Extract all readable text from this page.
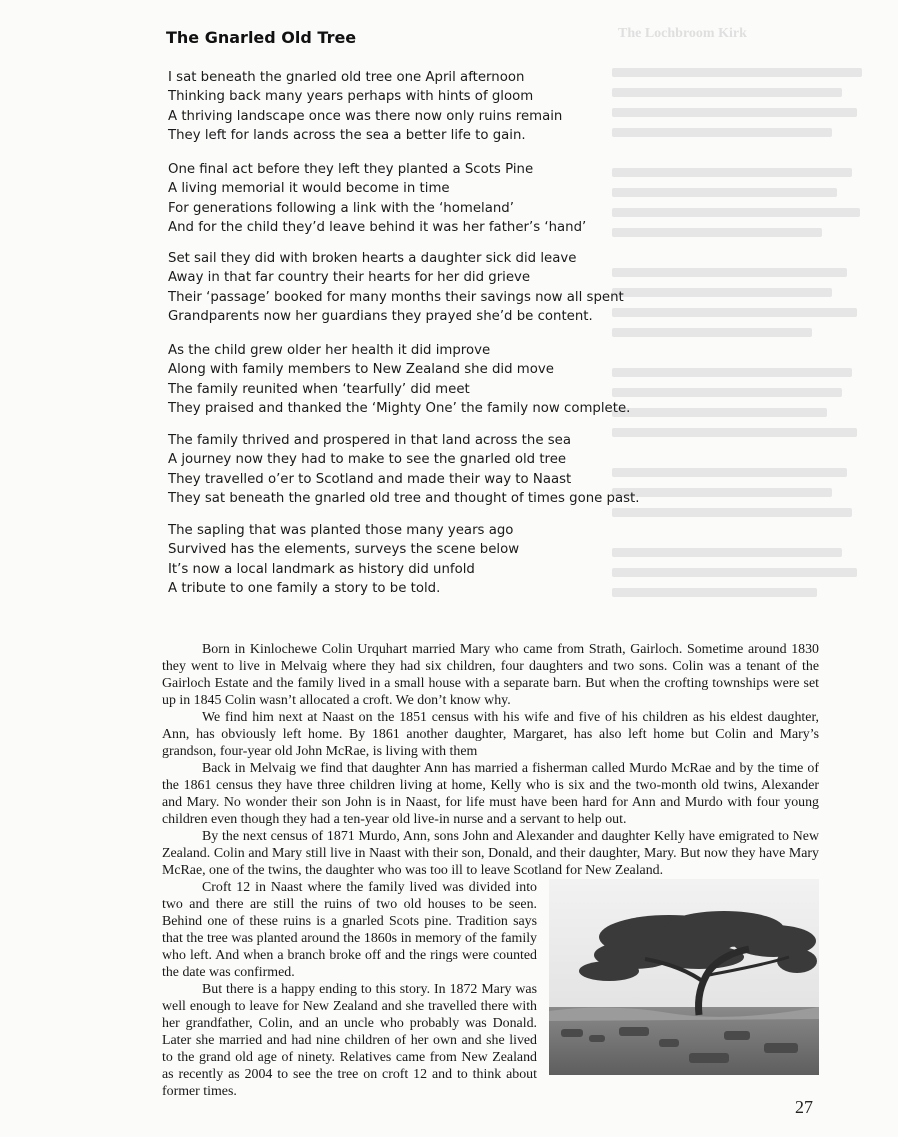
The Lochbroom Kirk
The Gnarled Old Tree
I sat beneath the gnarled old tree one April afternoon
Thinking back many years perhaps with hints of gloom
A thriving landscape once was there now only ruins remain
They left for lands across the sea a better life to gain.
One final act before they left they planted a Scots Pine
A living memorial it would become in time
For generations following a link with the ‘homeland’
And for the child they’d leave behind it was her father’s ‘hand’
Set sail they did with broken hearts a daughter sick did leave
Away in that far country their hearts for her did grieve
Their ‘passage’ booked for many months their savings now all spent
Grandparents now her guardians they prayed she’d be content.
As the child grew older her health it did improve
Along with family members to New Zealand she did move
The family reunited when ‘tearfully’ did meet
They praised and thanked the ‘Mighty One’ the family now complete.
The family thrived and prospered in that land across the sea
A journey now they had to make to see the gnarled old tree
They travelled o’er to Scotland and made their way to Naast
They sat beneath the gnarled old tree and thought of times gone past.
The sapling that was planted those many years ago
Survived has the elements, surveys the scene below
It’s now a local landmark as history did unfold
A tribute to one family a story to be told.

Born in Kinlochewe Colin Urquhart married Mary who came from Strath, Gairloch. Sometime around 1830 they went to live in Melvaig where they had six children, four daughters and two sons. Colin was a tenant of the Gairloch Estate and the family lived in a small house with a separate barn. But when the crofting townships were set up in 1845 Colin wasn’t allocated a croft. We don’t know why.

We find him next at Naast on the 1851 census with his wife and five of his children as his eldest daughter, Ann, has obviously left home. By 1861 another daughter, Margaret, has also left home but Colin and Mary’s grandson, four-year old John McRae, is living with them

Back in Melvaig we find that daughter Ann has married a fisherman called Murdo McRae and by the time of the 1861 census they have three children living at home, Kelly who is six and the two-month old twins, Alexander and Mary. No wonder their son John is in Naast, for life must have been hard for Ann and Murdo with four young children even though they had a ten-year old live-in nurse and a servant to help out.

By the next census of 1871 Murdo, Ann, sons John and Alexander and daughter Kelly have emigrated to New Zealand. Colin and Mary still live in Naast with their son, Donald, and their daughter, Mary. But now they have Mary McRae, one of the twins, the daughter who was too ill to leave Scotland for New Zealand.

Croft 12 in Naast where the family lived was divided into two and there are still the ruins of two old houses to be seen. Behind one of these ruins is a gnarled Scots pine. Tradition says that the tree was planted around the 1860s in memory of the family who left. And when a branch broke off and the rings were counted the date was confirmed.

But there is a happy ending to this story. In 1872 Mary was well enough to leave for New Zealand and she travelled there with her grandfather, Colin, and an uncle who probably was Donald. Later she married and had nine children of her own and she lived to the grand old age of ninety. Relatives came from New Zealand as recently as 2004 to see the tree on croft 12 and to think about former times.

27
